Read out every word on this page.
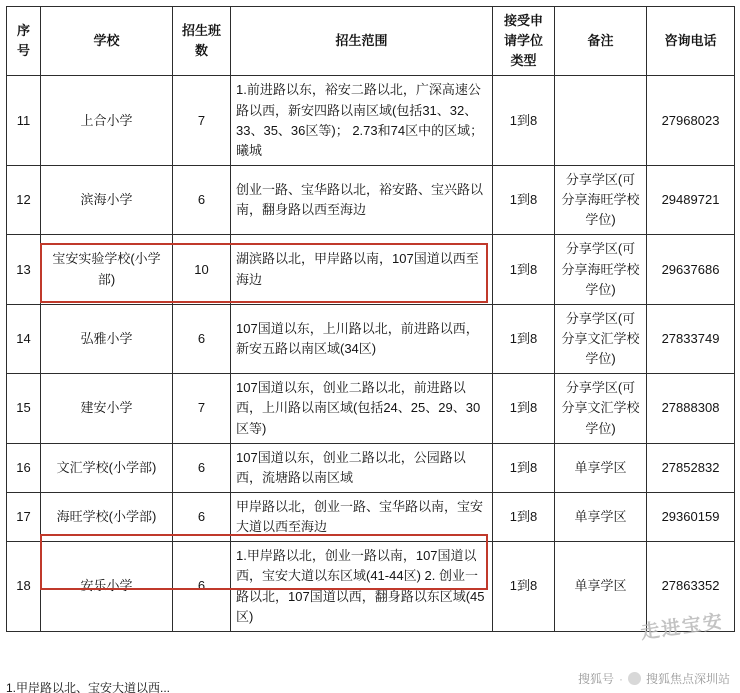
序号	学校	招生班数	招生范围	接受申请学位类型	备注	咨询电话
11	上合小学	7	1.前进路以东，裕安二路以北，广深高速公路以西，新安四路以南区域(包括31、32、33、35、36区等)； 2.73和74区中的区域；曦城	1到8		27968023
12	滨海小学	6	创业一路、宝华路以北，裕安路、宝兴路以南，翻身路以西至海边	1到8	分享学区(可分享海旺学校学位)	29489721
13	宝安实验学校(小学部)	10	湖滨路以北，甲岸路以南，107国道以西至海边	1到8	分享学区(可分享海旺学校学位)	29637686
14	弘雅小学	6	107国道以东，上川路以北，前进路以西，新安五路以南区域(34区)	1到8	分享学区(可分享文汇学校学位)	27833749
15	建安小学	7	107国道以东，创业二路以北，前进路以西，上川路以南区域(包括24、25、29、30区等)	1到8	分享学区(可分享文汇学校学位)	27888308
16	文汇学校(小学部)	6	107国道以东，创业二路以北，公园路以西，流塘路以南区域	1到8	单享学区	27852832
17	海旺学校(小学部)	6	甲岸路以北，创业一路、宝华路以南，宝安大道以西至海边	1到8	单享学区	29360159
18	安乐小学	6	1.甲岸路以北，创业一路以南，107国道以西，宝安大道以东区域(41-44区) 2. 创业一路以北，107国道以西，翻身路以东区域(45区)	1到8	单享学区	27863352
1.甲岸路以北、宝安大道以西...
走进宝安
搜狐号 · 搜狐焦点深圳站
